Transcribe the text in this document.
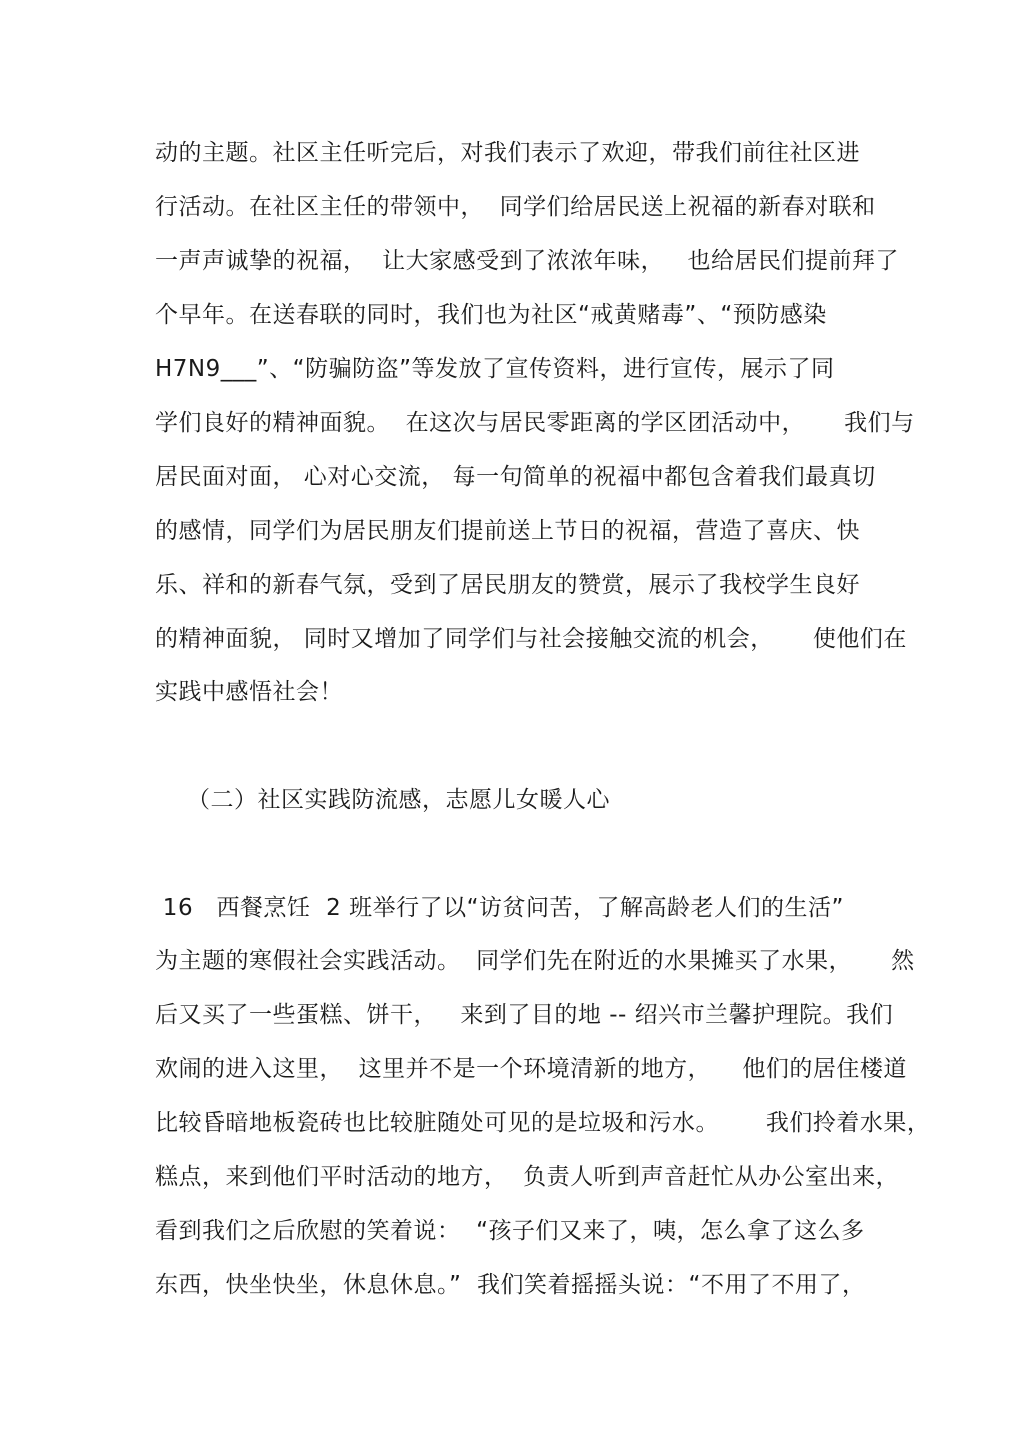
动的主题。社区主任听完后，对我们表示了欢迎，带我们前往社区进
行活动。在社区主任的带领中，  同学们给居民送上祝福的新春对联和
一声声诚挚的祝福，  让大家感受到了浓浓年味，   也给居民们提前拜了
个早年。在送春联的同时，我们也为社区“戒黄赌毒”、“预防感染
H7N9___”、“防骗防盗”等发放了宣传资料，进行宣传，展示了同
学们良好的精神面貌。  在这次与居民零距离的学区团活动中，     我们与
居民面对面， 心对心交流， 每一句简单的祝福中都包含着我们最真切
的感情，同学们为居民朋友们提前送上节日的祝福，营造了喜庆、快
乐、祥和的新春气氛，受到了居民朋友的赞赏，展示了我校学生良好
的精神面貌， 同时又增加了同学们与社会接触交流的机会，     使他们在
实践中感悟社会！
（二）社区实践防流感，志愿儿女暖人心
16   西餐烹饪  2 班举行了以“访贫问苦，了解高龄老人们的生活”
为主题的寒假社会实践活动。  同学们先在附近的水果摊买了水果，     然
后又买了一些蛋糕、饼干，   来到了目的地 -- 绍兴市兰馨护理院。我们
欢闹的进入这里，  这里并不是一个环境清新的地方，    他们的居住楼道
比较昏暗地板瓷砖也比较脏随处可见的是垃圾和污水。      我们拎着水果，
糕点，来到他们平时活动的地方，  负责人听到声音赶忙从办公室出来，
看到我们之后欣慰的笑着说：  “孩子们又来了，咦，怎么拿了这么多
东西，快坐快坐，休息休息。”  我们笑着摇摇头说：“不用了不用了，
